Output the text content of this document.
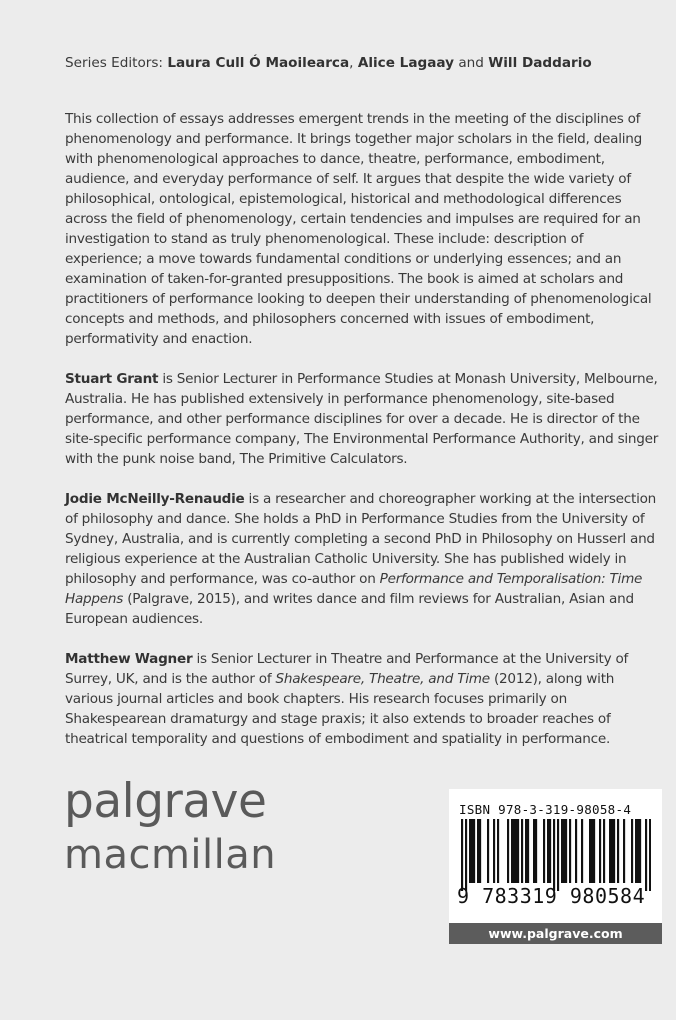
Series Editors: Laura Cull Ó Maoilearca, Alice Lagaay and Will Daddario

This collection of essays addresses emergent trends in the meeting of the disciplines of phenomenology and performance. It brings together major scholars in the field, dealing with phenomenological approaches to dance, theatre, performance, embodiment, audience, and everyday performance of self. It argues that despite the wide variety of philosophical, ontological, epistemological, historical and methodological differences across the field of phenomenology, certain tendencies and impulses are required for an investigation to stand as truly phenomenological. These include: description of experience; a move towards fundamental conditions or underlying essences; and an examination of taken-for-granted presuppositions. The book is aimed at scholars and practitioners of performance looking to deepen their understanding of phenomenological concepts and methods, and philosophers concerned with issues of embodiment, performativity and enaction.

Stuart Grant is Senior Lecturer in Performance Studies at Monash University, Melbourne, Australia. He has published extensively in performance phenomenology, site-based performance, and other performance disciplines for over a decade. He is director of the site-specific performance company, The Environmental Performance Authority, and singer with the punk noise band, The Primitive Calculators.

Jodie McNeilly-Renaudie is a researcher and choreographer working at the intersection of philosophy and dance. She holds a PhD in Performance Studies from the University of Sydney, Australia, and is currently completing a second PhD in Philosophy on Husserl and religious experience at the Australian Catholic University. She has published widely in philosophy and performance, was co-author on Performance and Temporalisation: Time Happens (Palgrave, 2015), and writes dance and film reviews for Australian, Asian and European audiences.

Matthew Wagner is Senior Lecturer in Theatre and Performance at the University of Surrey, UK, and is the author of Shakespeare, Theatre, and Time (2012), along with various journal articles and book chapters. His research focuses primarily on Shakespearean dramaturgy and stage praxis; it also extends to broader reaches of theatrical temporality and questions of embodiment and spatiality in performance.

palgrave
macmillan
ISBN 978-3-319-98058-4
9 783319 980584
www.palgrave.com
